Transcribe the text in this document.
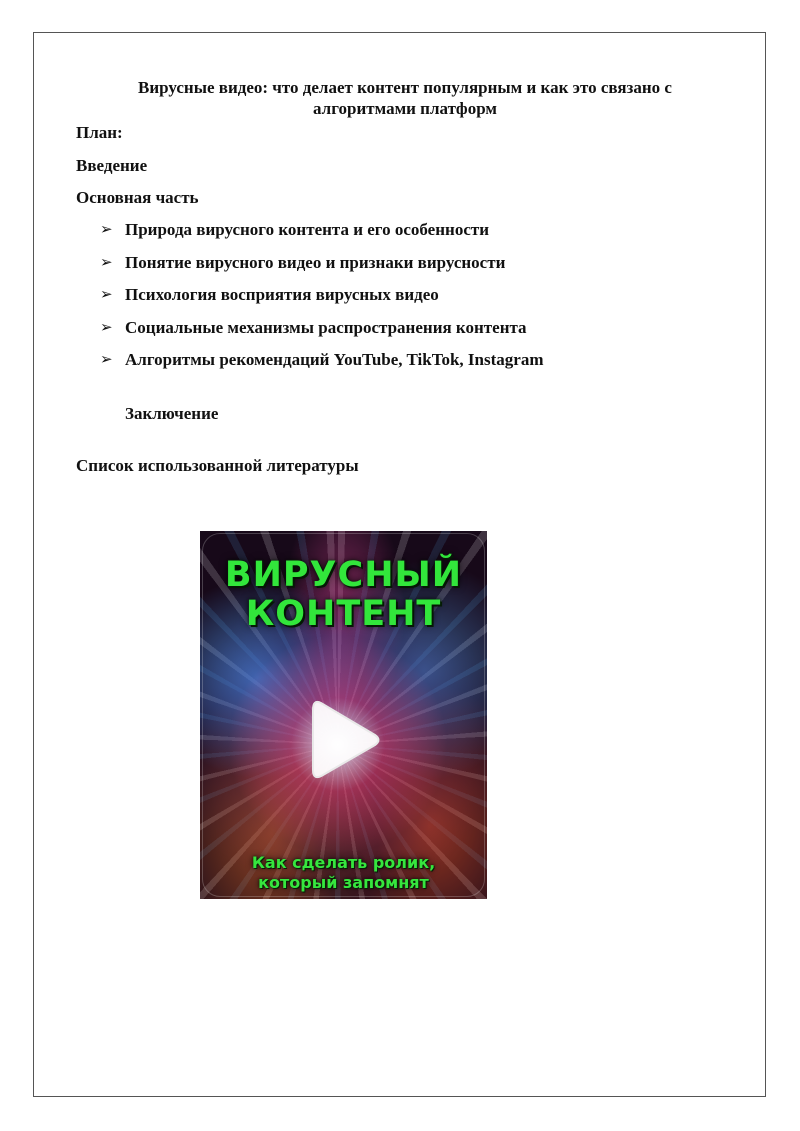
Вирусные видео: что делает контент популярным и как это связано с алгоритмами платформ

План:

Введение

Основная часть

➢ Природа вирусного контента и его особенности
➢ Понятие вирусного видео и признаки вирусности
➢ Психология восприятия вирусных видео
➢ Социальные механизмы распространения контента
➢ Алгоритмы рекомендаций YouTube, TikTok, Instagram

Заключение

Список использованной литературы

ВИРУСНЫЙ
КОНТЕНТ
Как сделать ролик,
который запомнят
